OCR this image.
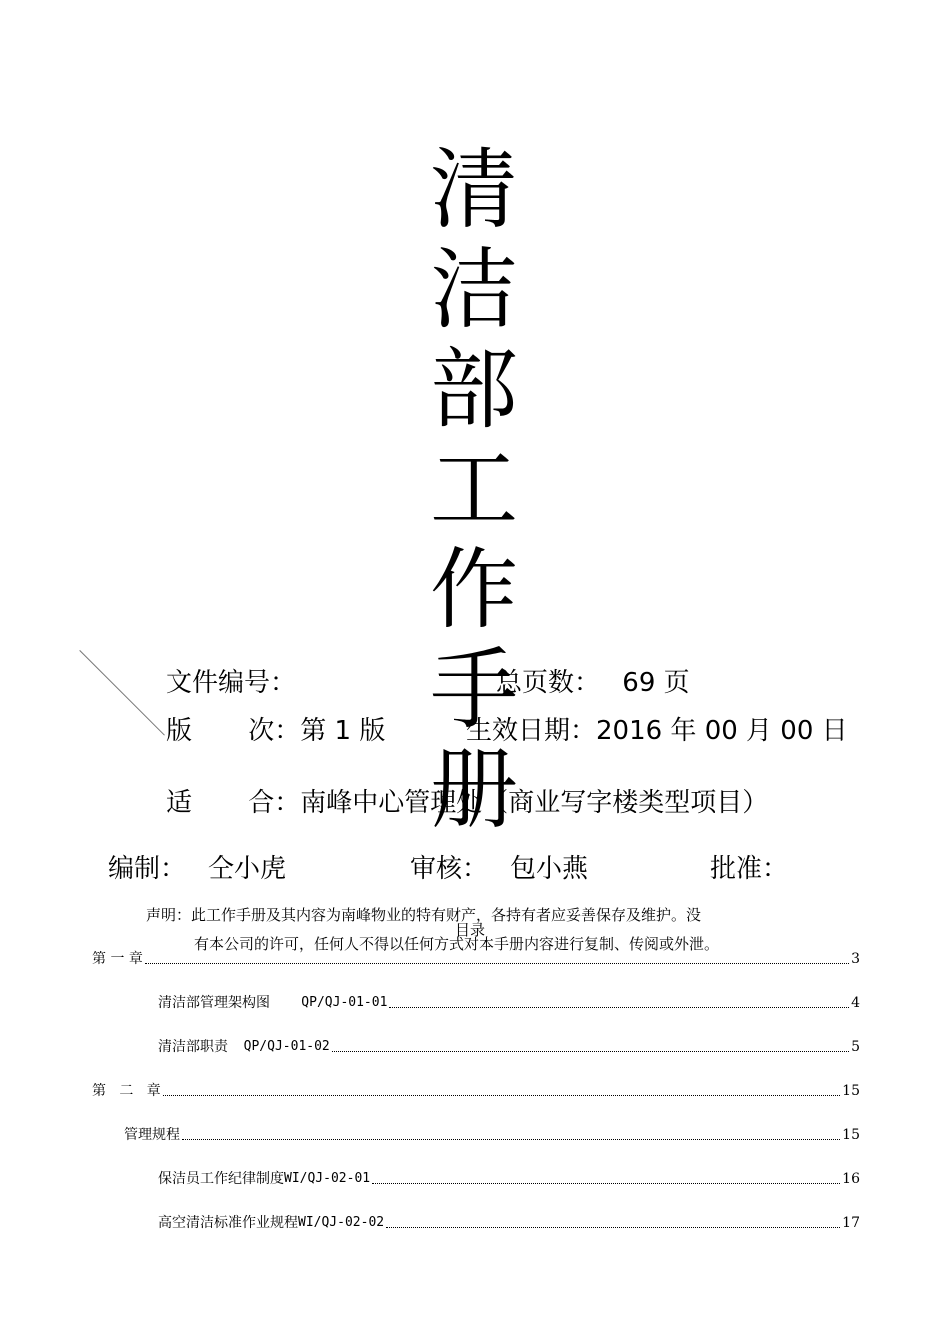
清
洁
部
工
作
手
册
文件编号：	总页数： 69 页
版 次：第 1 版	生效日期：2016 年 00 月 00 日
适 合：南峰中心管理处（商业写字楼类型项目）
编制： 仝小虎	审核： 包小燕	批准：
声明：此工作手册及其内容为南峰物业的特有财产，各持有者应妥善保存及维护。没
目录
有本公司的许可，任何人不得以任何方式对本手册内容进行复制、传阅或外泄。
第 一 章	3
清洁部管理架构图 QP/QJ-01-01	4
清洁部职责 QP/QJ-01-02	5
第   二   章	15
管理规程	15
保洁员工作纪律制度 WI/QJ-02-01	16
高空清洁标准作业规程 WI/QJ-02-02	17
